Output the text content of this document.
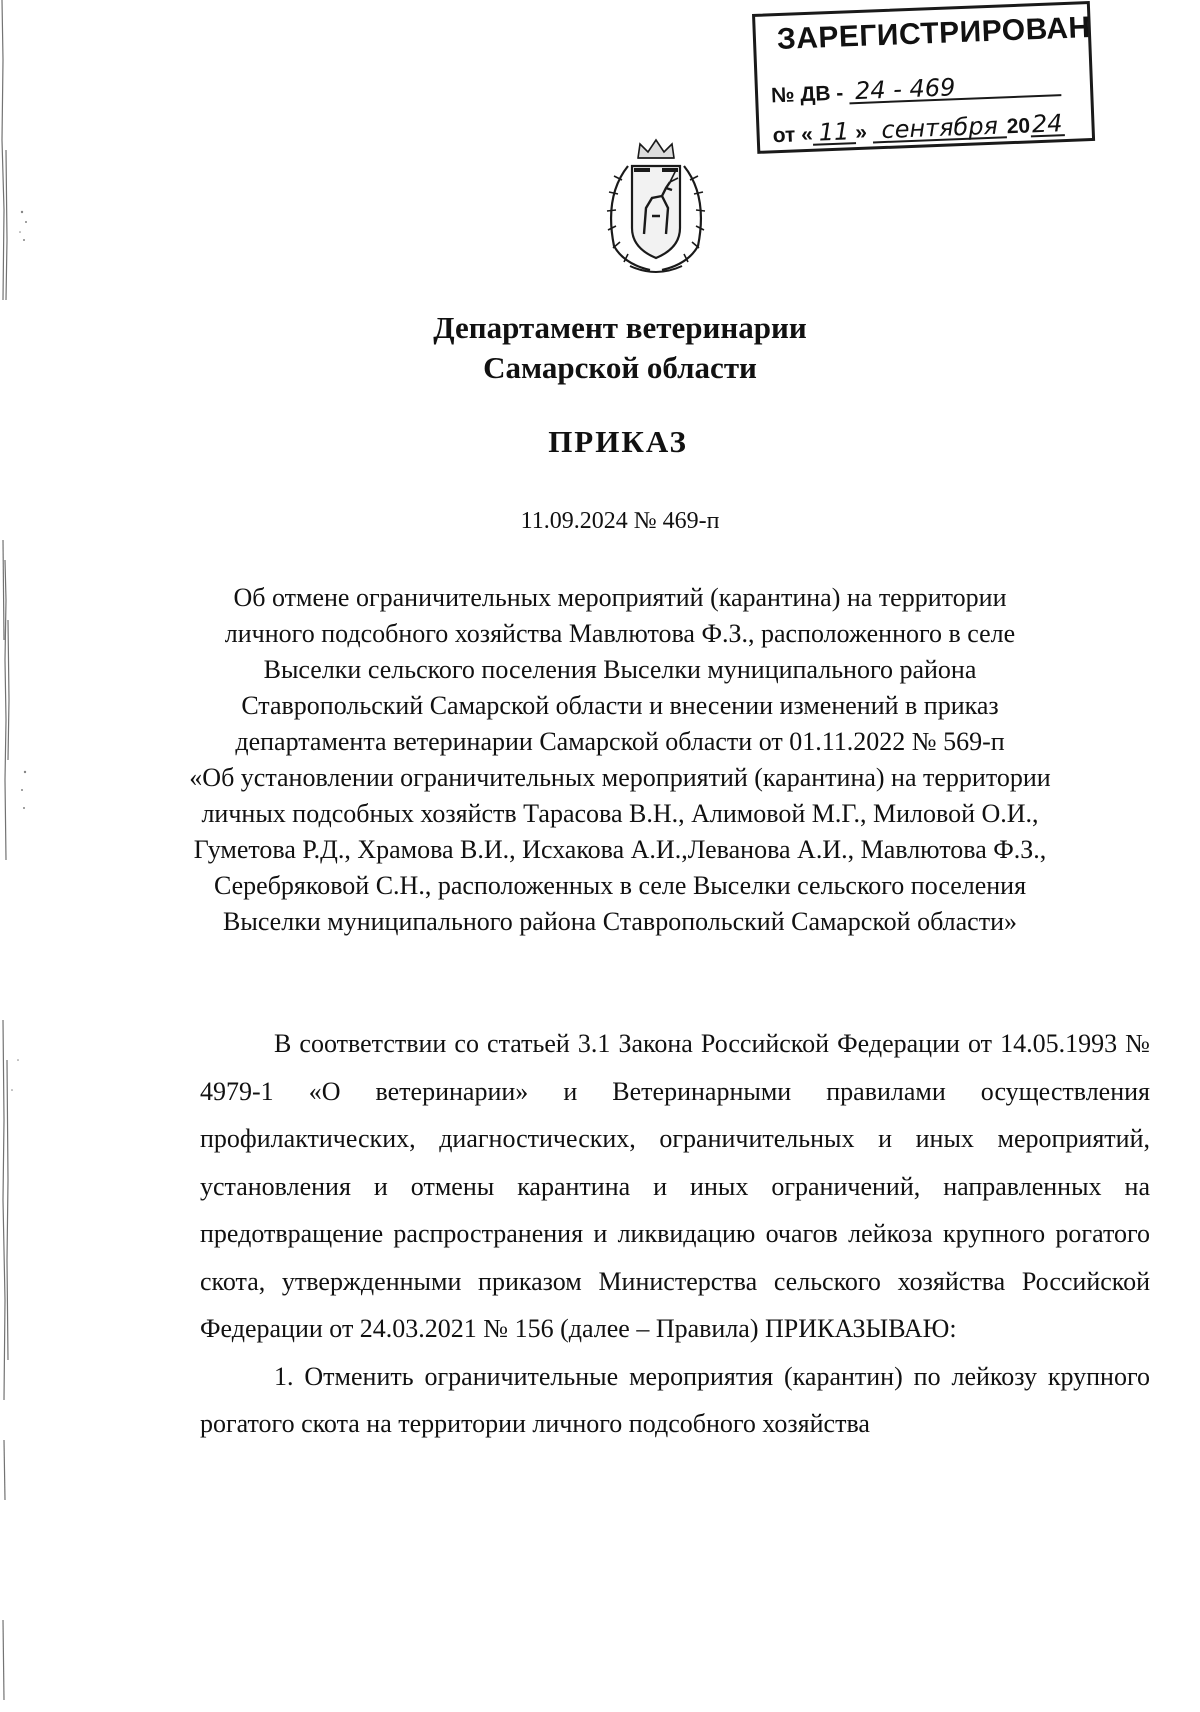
ЗАРЕГИСТРИРОВАН
№ ДВ - 24 - 469
от « 11 » сентября 2024
Департамент ветеринарии
Самарской области
ПРИКАЗ
11.09.2024 № 469-п
Об отмене ограничительных мероприятий (карантина) на территории
личного подсобного хозяйства Мавлютова Ф.З., расположенного в селе
Выселки сельского поселения Выселки муниципального района
Ставропольский Самарской области и внесении изменений в приказ
департамента ветеринарии Самарской области от 01.11.2022 № 569-п
«Об установлении ограничительных мероприятий (карантина) на территории
личных подсобных хозяйств Тарасова В.Н., Алимовой М.Г., Миловой О.И.,
Гуметова Р.Д., Храмова В.И., Исхакова А.И.,Леванова А.И., Мавлютова Ф.З.,
Серебряковой С.Н., расположенных в селе Выселки сельского поселения
Выселки муниципального района Ставропольский Самарской области»

В соответствии со статьей 3.1 Закона Российской Федерации от 14.05.1993 № 4979-1 «О ветеринарии» и Ветеринарными правилами осуществления профилактических, диагностических, ограничительных и иных мероприятий, установления и отмены карантина и иных ограничений, направленных на предотвращение распространения и ликвидацию очагов лейкоза крупного рогатого скота, утвержденными приказом Министерства сельского хозяйства Российской Федерации от 24.03.2021 № 156 (далее – Правила) ПРИКАЗЫВАЮ:

1. Отменить ограничительные мероприятия (карантин) по лейкозу крупного рогатого скота на территории личного подсобного хозяйства
